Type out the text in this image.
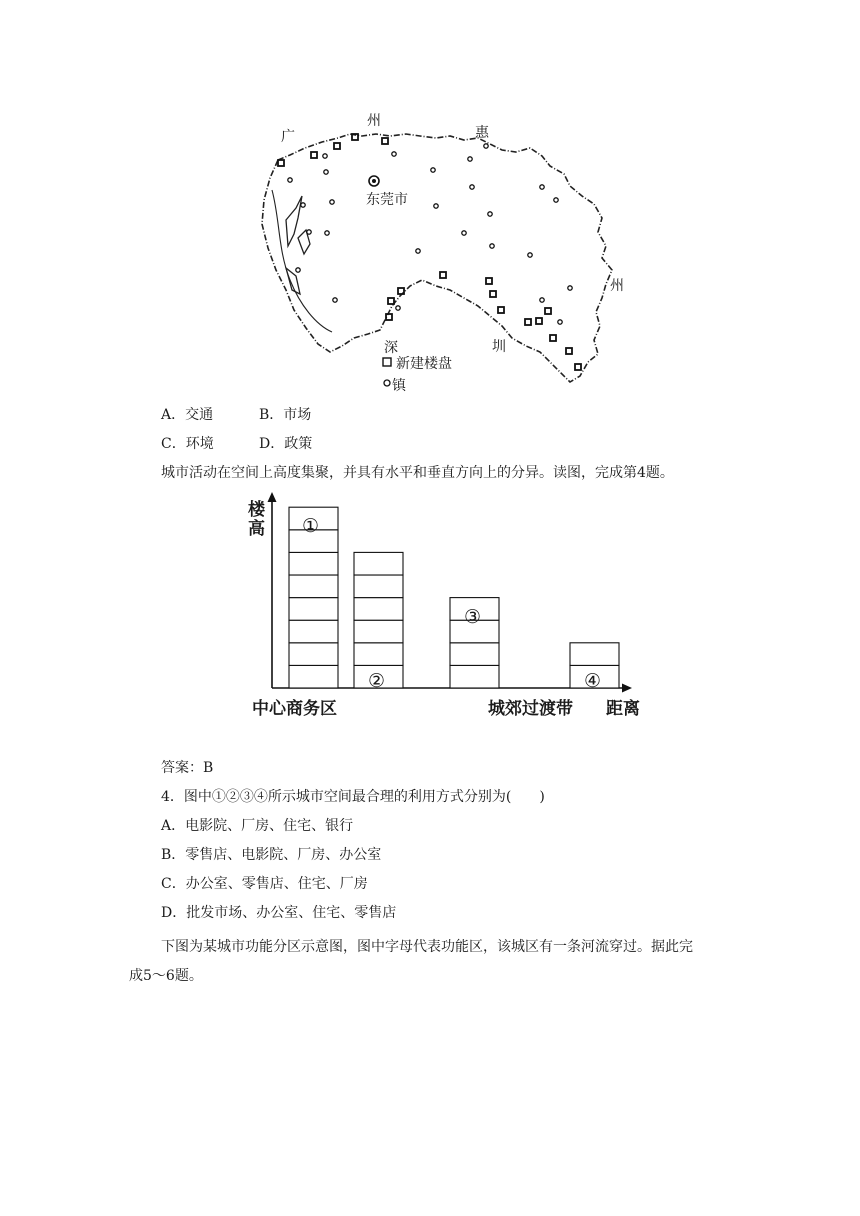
广
州
惠
州
东莞市
深	圳
新建楼盘
镇
A．交通	B．市场
C．环境	D．政策
城市活动在空间上高度集聚，并具有水平和垂直方向上的分异。读图，完成第4题。
楼
高
中心商务区	城郊过渡带 距离
①
②
③
④
答案：B
4．图中①②③④所示城市空间最合理的利用方式分别为(　　)
A．电影院、厂房、住宅、银行
B．零售店、电影院、厂房、办公室
C．办公室、零售店、住宅、厂房
D．批发市场、办公室、住宅、零售店
下图为某城市功能分区示意图，图中字母代表功能区，该城区有一条河流穿过。据此完
成5～6题。
